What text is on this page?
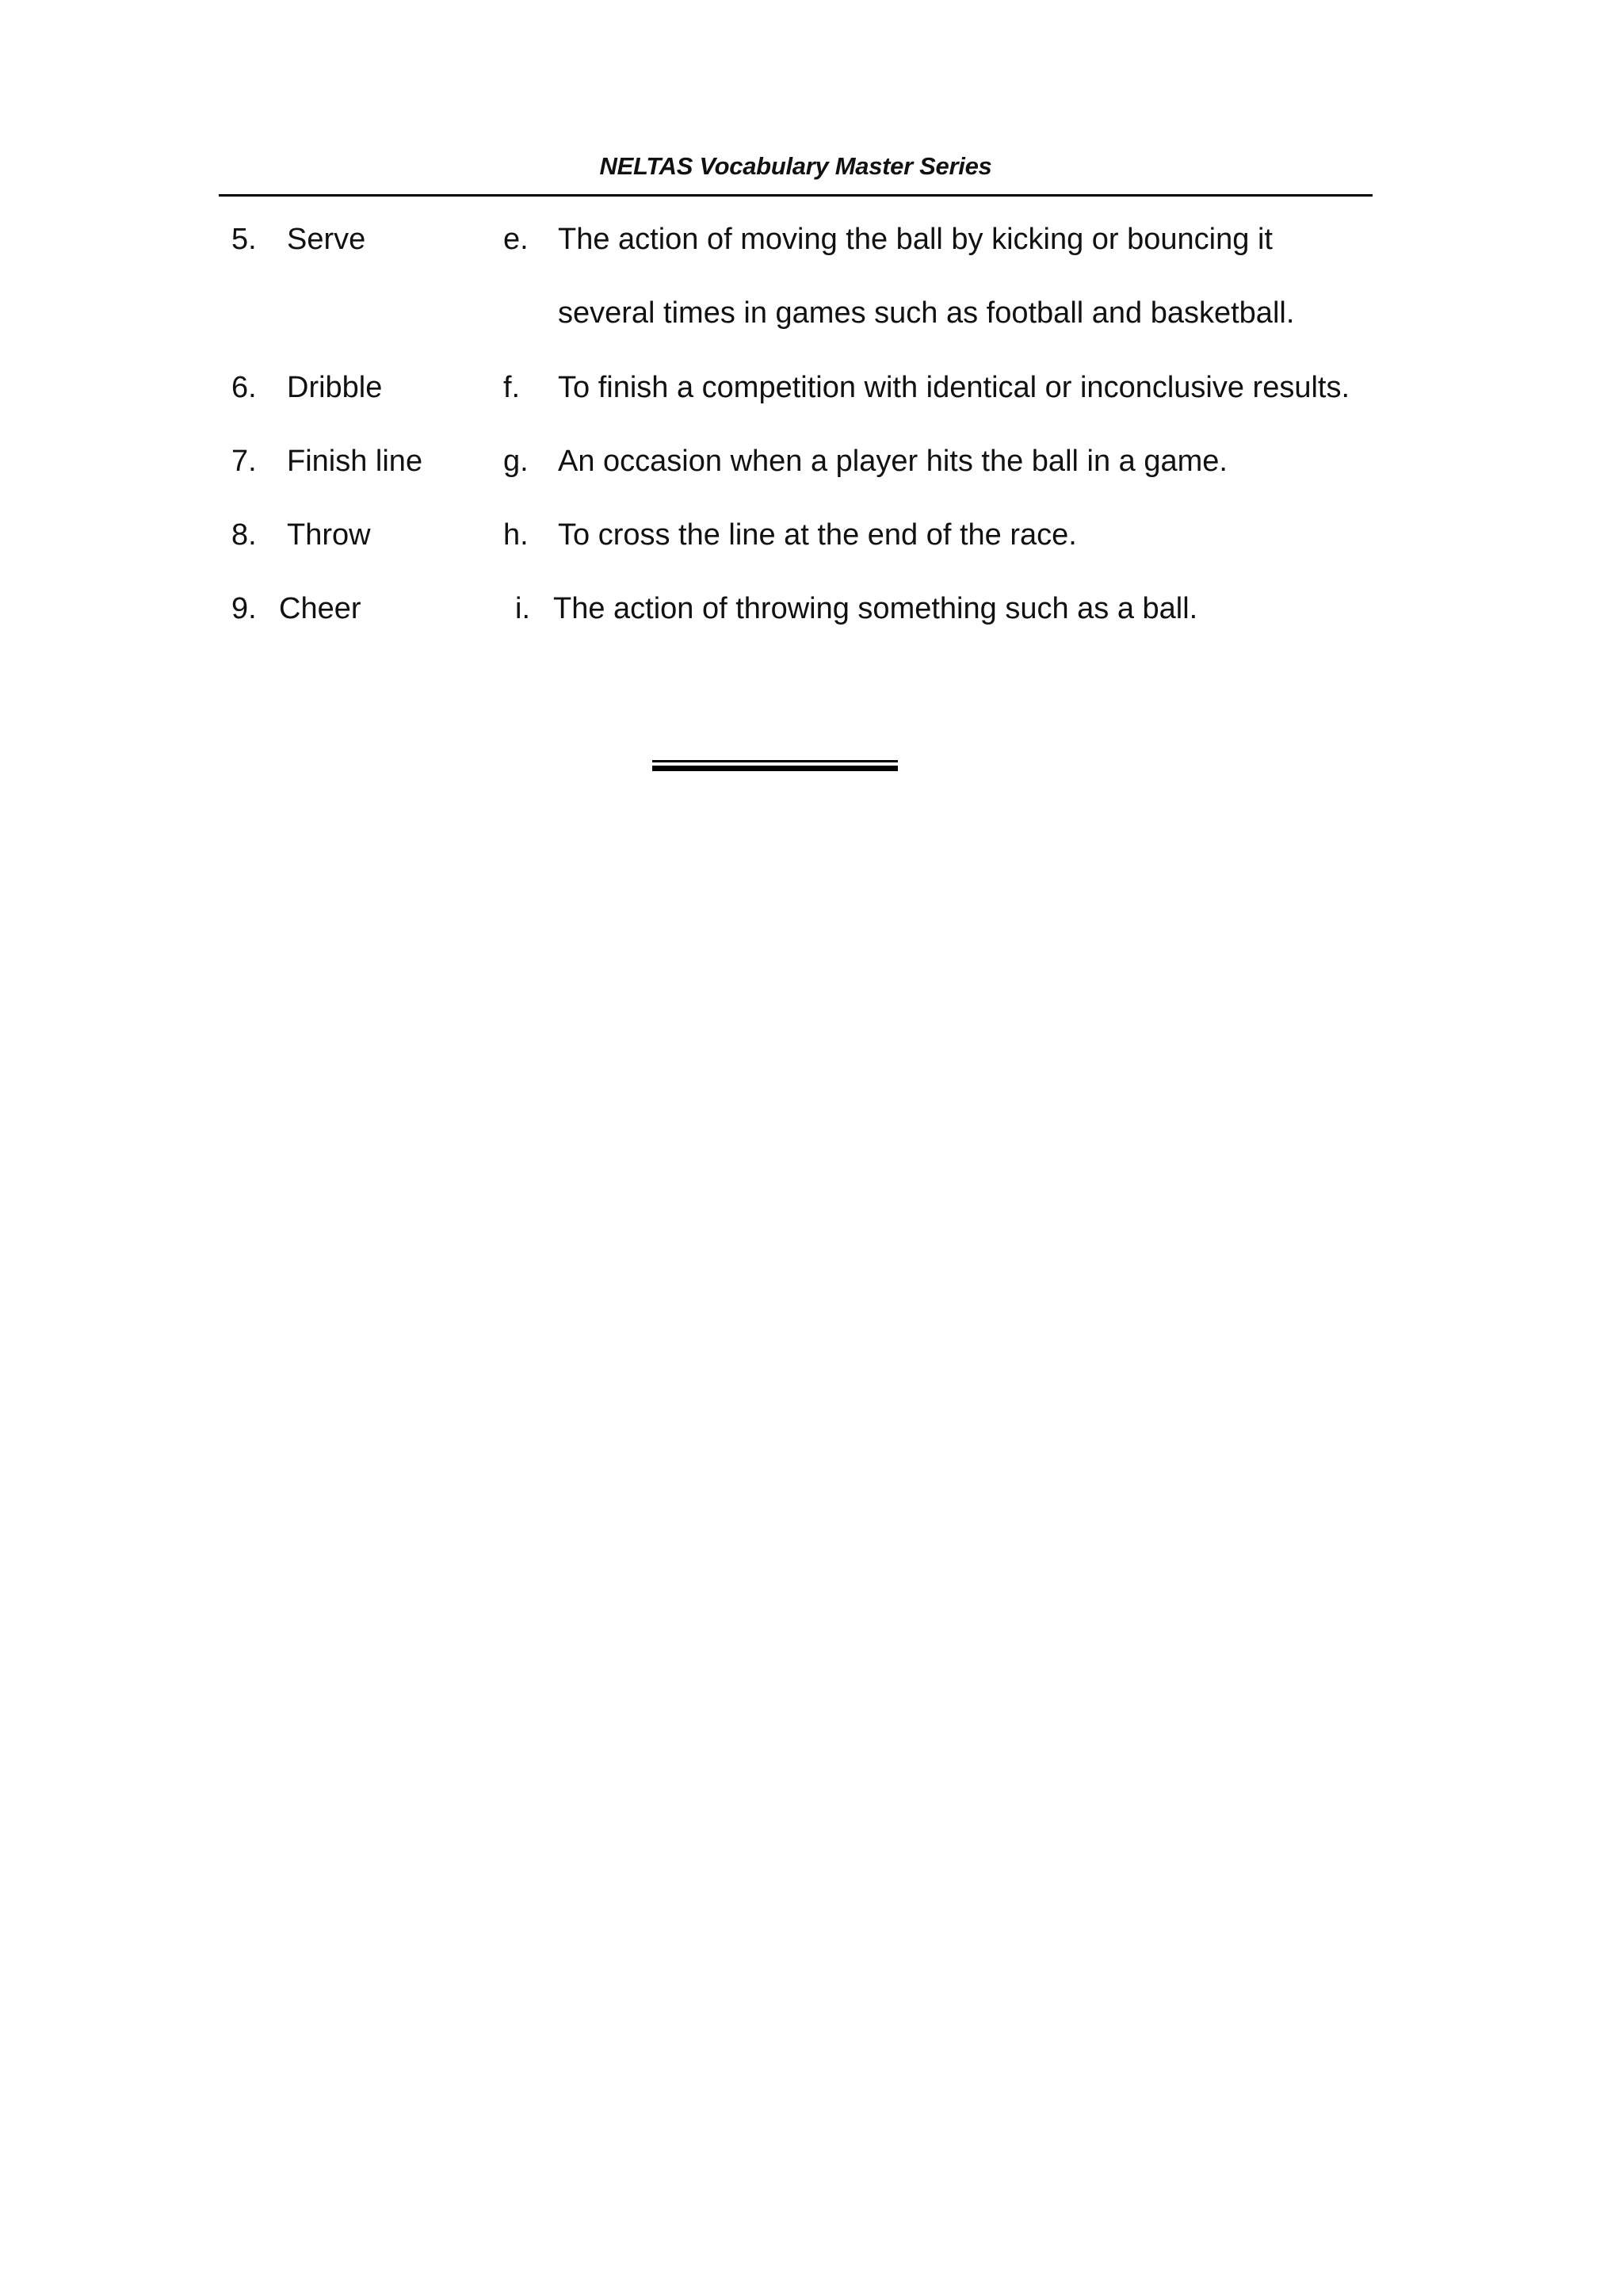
NELTAS Vocabulary Master Series
5. Serve	e. The action of moving the ball by kicking or bouncing it
several times in games such as football and basketball.
6. Dribble	f. To finish a competition with identical or inconclusive results.
7. Finish line	g. An occasion when a player hits the ball in a game.
8. Throw	h. To cross the line at the end of the race.
9. Cheer	i. The action of throwing something such as a ball.
